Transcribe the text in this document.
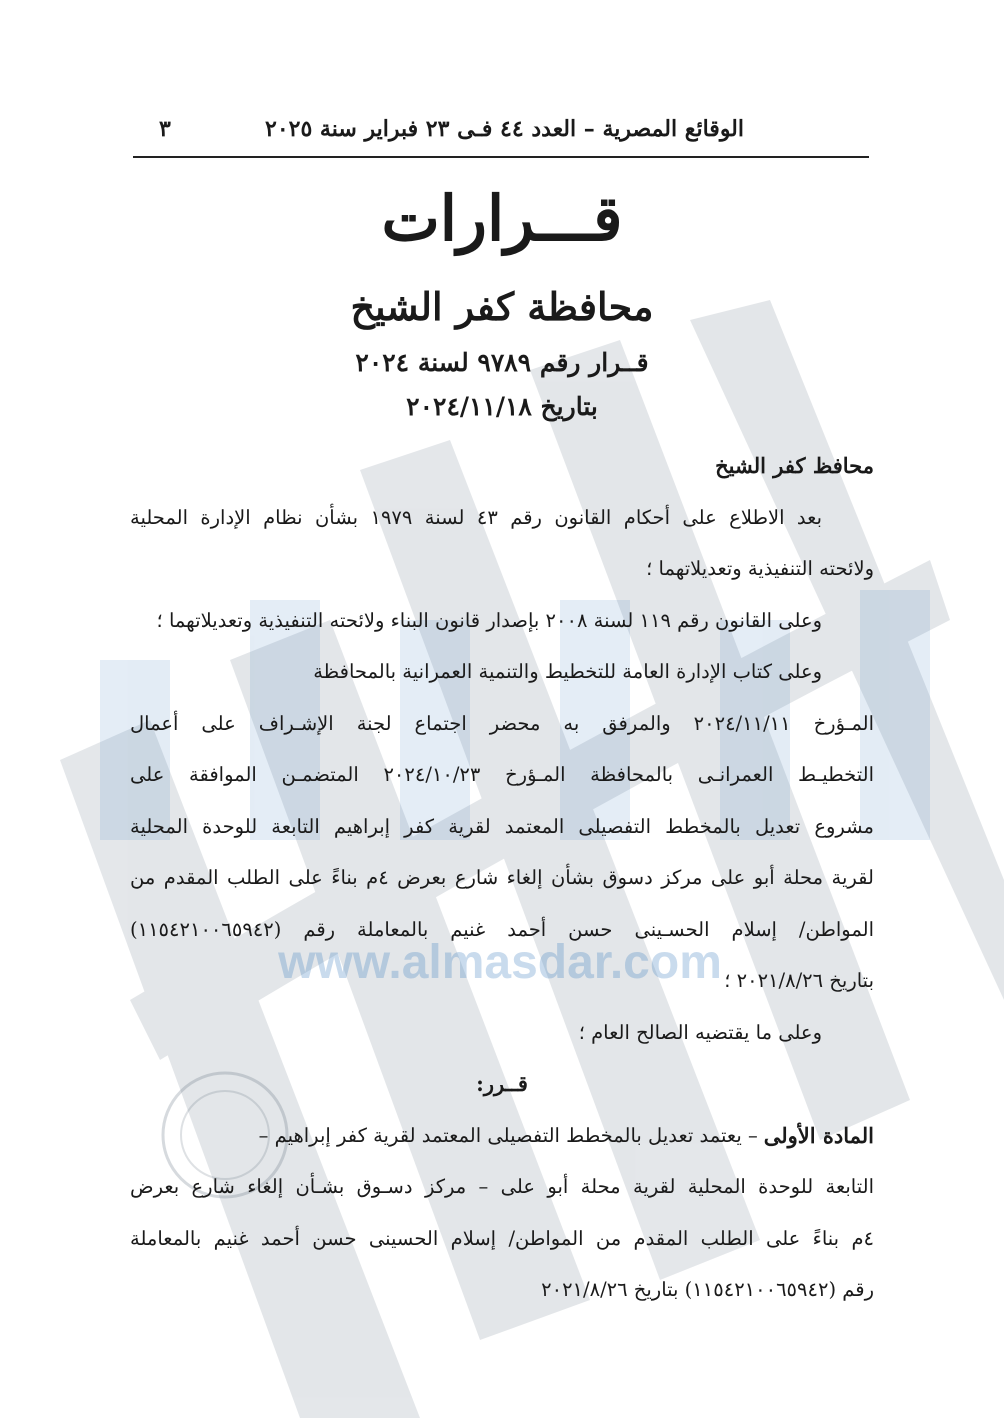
www.almasdar.com
الوقائع المصرية – العدد ٤٤ فـى ٢٣ فبراير سنة ٢٠٢٥
٣
قـــرارات
محافظة كفر الشيخ
قــرار رقم ٩٧٨٩ لسنة ٢٠٢٤
بتاريخ ٢٠٢٤/١١/١٨
محافظ كفر الشيخ
بعد الاطلاع على أحكام القانون رقم ٤٣ لسنة ١٩٧٩ بشأن نظام الإدارة المحلية
ولائحته التنفيذية وتعديلاتهما ؛
وعلى القانون رقم ١١٩ لسنة ٢٠٠٨ بإصدار قانون البناء ولائحته التنفيذية وتعديلاتهما ؛
وعلى كتاب الإدارة العامة للتخطيط والتنمية العمرانية بالمحافظة
المـؤرخ ٢٠٢٤/١١/١١ والمرفق به محضر اجتماع لجنة الإشـراف على أعمال
التخطيـط العمرانـى بالمحافظة المـؤرخ ٢٠٢٤/١٠/٢٣ المتضمـن الموافقة على
مشروع تعديل بالمخطط التفصيلى المعتمد لقرية كفر إبراهيم التابعة للوحدة المحلية
لقرية محلة أبو على مركز دسوق بشأن إلغاء شارع بعرض ٤م بناءً على الطلب المقدم من
المواطن/ إسلام الحسـينى حسن أحمد غنيم بالمعاملة رقم (١١٥٤٢١٠٠٦٥٩٤٢)
بتاريخ ٢٠٢١/٨/٢٦ ؛
وعلى ما يقتضيه الصالح العام ؛
قــرر:
المادة الأولى
– يعتمد تعديل بالمخطط التفصيلى المعتمد لقرية كفر إبراهيم –
التابعة للوحدة المحلية لقرية محلة أبو على – مركز دسـوق بشـأن إلغاء شارع بعرض
٤م بناءً على الطلب المقدم من المواطن/ إسلام الحسينى حسن أحمد غنيم بالمعاملة
رقم (١١٥٤٢١٠٠٦٥٩٤٢) بتاريخ ٢٠٢١/٨/٢٦
